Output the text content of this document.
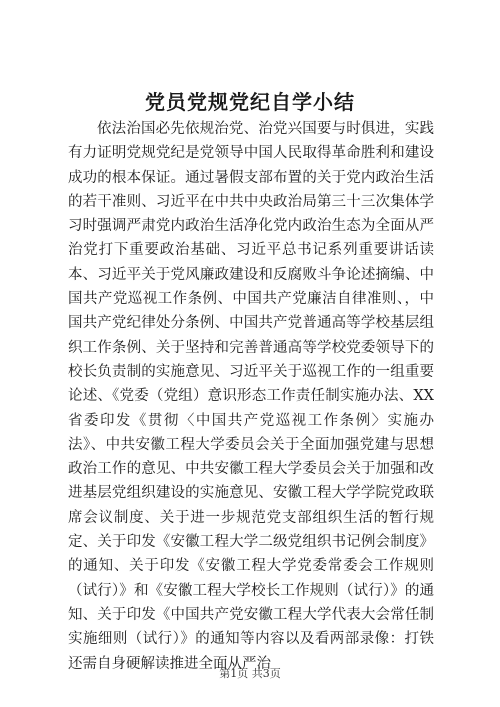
党员党规党纪自学小结

依法治国必先依规治党、治党兴国要与时俱进，实践有力证明党规党纪是党领导中国人民取得革命胜利和建设成功的根本保证。通过暑假支部布置的关于党内政治生活的若干准则、习近平在中共中央政治局第三十三次集体学习时强调严肃党内政治生活净化党内政治生态为全面从严治党打下重要政治基础、习近平总书记系列重要讲话读本、习近平关于党风廉政建设和反腐败斗争论述摘编、中国共产党巡视工作条例、中国共产党廉洁自律准则、，中国共产党纪律处分条例、中国共产党普通高等学校基层组织工作条例、关于坚持和完善普通高等学校党委领导下的校长负责制的实施意见、习近平关于巡视工作的一组重要论述、《党委（党组）意识形态工作责任制实施办法、XX省委印发《贯彻〈中国共产党巡视工作条例〉实施办法》、中共安徽工程大学委员会关于全面加强党建与思想政治工作的意见、中共安徽工程大学委员会关于加强和改进基层党组织建设的实施意见、安徽工程大学学院党政联席会议制度、关于进一步规范党支部组织生活的暂行规定、关于印发《安徽工程大学二级党组织书记例会制度》的通知、关于印发《安徽工程大学党委常委会工作规则（试行）》和《安徽工程大学校长工作规则（试行）》的通知、关于印发《中国共产党安徽工程大学代表大会常任制实施细则（试行）》的通知等内容以及看两部录像：打铁还需自身硬解读推进全面从严治

第1页 共3页
